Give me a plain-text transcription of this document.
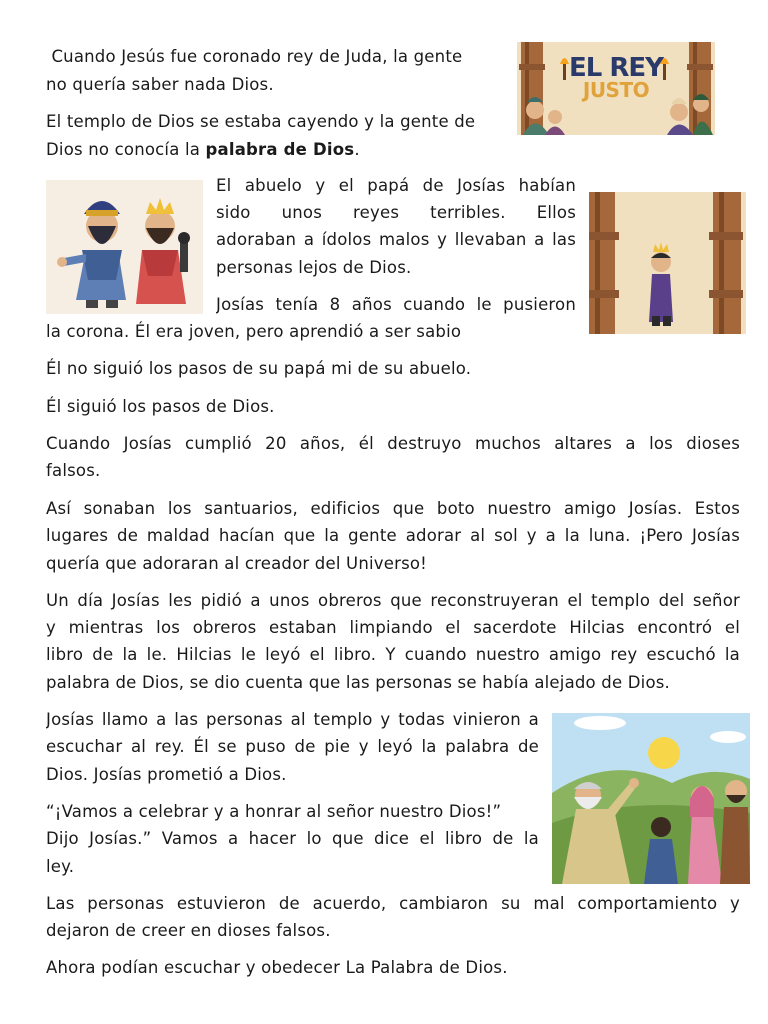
EL REY
JUSTO
Cuando Jesús fue coronado rey de Juda, la gente
no quería saber nada Dios.
El templo de Dios se estaba cayendo y la gente de
Dios no conocía la palabra de Dios.
El abuelo y el papá de Josías habían
sido unos reyes terribles. Ellos
adoraban a ídolos malos y llevaban a las
personas lejos de Dios.
Josías tenía 8 años cuando le pusieron
la corona. Él era joven, pero aprendió a ser sabio
Él no siguió los pasos de su papá mi de su abuelo.
Él siguió los pasos de Dios.
Cuando Josías cumplió 20 años, él destruyo muchos altares a los dioses
falsos.
Así sonaban los santuarios, edificios que boto nuestro amigo Josías. Estos
lugares de maldad hacían que la gente adorar al sol y a la luna. ¡Pero Josías
quería que adoraran al creador del Universo!
Un día Josías les pidió a unos obreros que reconstruyeran el templo del señor
y mientras los obreros estaban limpiando el sacerdote Hilcias encontró el
libro de la le. Hilcias le leyó el libro. Y cuando nuestro amigo rey escuchó la
palabra de Dios, se dio cuenta que las personas se había alejado de Dios.
Josías llamo a las personas al templo y todas vinieron a
escuchar al rey. Él se puso de pie y leyó la palabra de
Dios. Josías prometió a Dios.
“¡Vamos a celebrar y a honrar al señor nuestro Dios!”
Dijo Josías.” Vamos a hacer lo que dice el libro de la
ley.
Las personas estuvieron de acuerdo, cambiaron su mal comportamiento y
dejaron de creer en dioses falsos.
Ahora podían escuchar y obedecer La Palabra de Dios.
